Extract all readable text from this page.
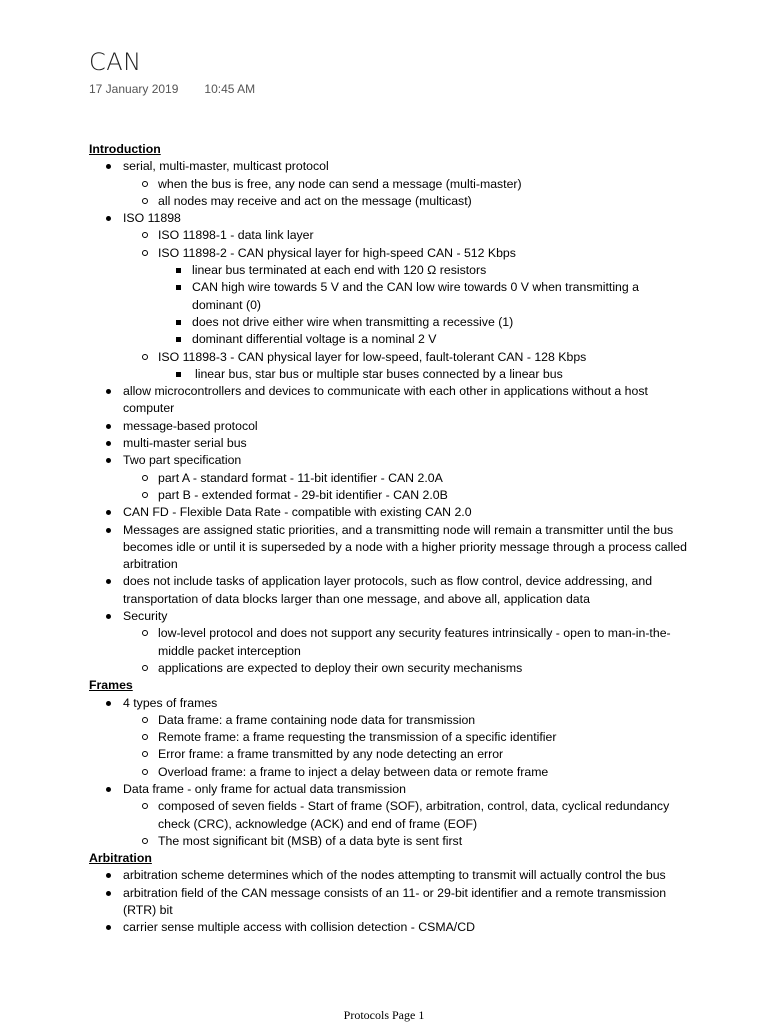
CAN
17 January 2019 10:45 AM
Introduction
serial, multi-master, multicast protocol
when the bus is free, any node can send a message (multi-master)
all nodes may receive and act on the message (multicast)
ISO 11898
ISO 11898-1 - data link layer
ISO 11898-2 - CAN physical layer for high-speed CAN - 512 Kbps
linear bus terminated at each end with 120 Ω resistors
CAN high wire towards 5 V and the CAN low wire towards 0 V when transmitting a dominant (0)
does not drive either wire when transmitting a recessive (1)
dominant differential voltage is a nominal 2 V
ISO 11898-3 - CAN physical layer for low-speed, fault-tolerant CAN - 128 Kbps
linear bus, star bus or multiple star buses connected by a linear bus
allow microcontrollers and devices to communicate with each other in applications without a host computer
message-based protocol
multi-master serial bus
Two part specification
part A - standard format - 11-bit identifier - CAN 2.0A
part B - extended format - 29-bit identifier - CAN 2.0B
CAN FD - Flexible Data Rate - compatible with existing CAN 2.0
Messages are assigned static priorities, and a transmitting node will remain a transmitter until the bus becomes idle or until it is superseded by a node with a higher priority message through a process called arbitration
does not include tasks of application layer protocols, such as flow control, device addressing, and transportation of data blocks larger than one message, and above all, application data
Security
low-level protocol and does not support any security features intrinsically - open to man-in-the-middle packet interception
applications are expected to deploy their own security mechanisms
Frames
4 types of frames
Data frame: a frame containing node data for transmission
Remote frame: a frame requesting the transmission of a specific identifier
Error frame: a frame transmitted by any node detecting an error
Overload frame: a frame to inject a delay between data or remote frame
Data frame - only frame for actual data transmission
composed of seven fields - Start of frame (SOF), arbitration, control, data, cyclical redundancy check (CRC), acknowledge (ACK) and end of frame (EOF)
The most significant bit (MSB) of a data byte is sent first
Arbitration
arbitration scheme determines which of the nodes attempting to transmit will actually control the bus
arbitration field of the CAN message consists of an 11- or 29-bit identifier and a remote transmission (RTR) bit
carrier sense multiple access with collision detection - CSMA/CD
Protocols Page 1
